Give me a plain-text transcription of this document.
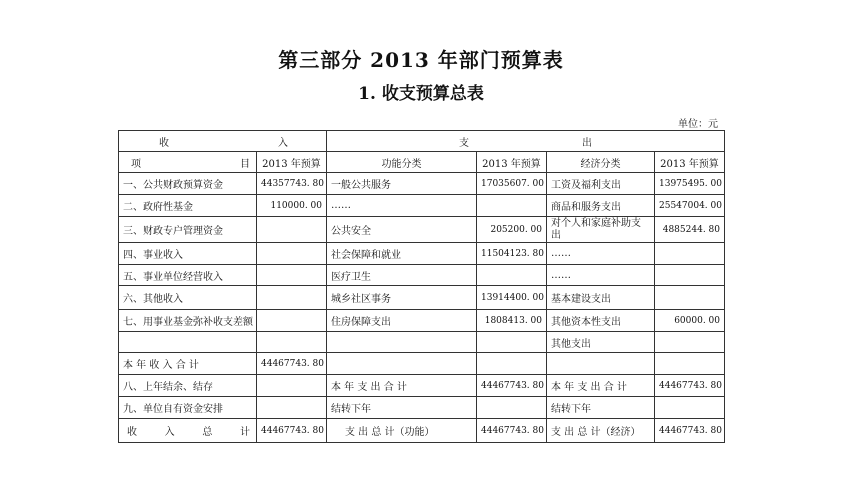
第三部分 2013 年部门预算表
1. 收支预算总表
单位：元
收 入		支 出			

项 目	2013 年预算	功能分类	2013 年预算	经济分类	2013 年预算
一、公共财政预算资金	44357743. 80	一般公共服务	17035607. 00	工资及福利支出	13975495. 00
二、政府性基金	110000. 00	……		商品和服务支出	25547004. 00
三、财政专户管理资金		公共安全	205200. 00	对个人和家庭补助支出	4885244. 80
四、事业收入		社会保障和就业	11504123. 80	……	
五、事业单位经营收入		医疗卫生		……	
六、其他收入		城乡社区事务	13914400. 00	基本建设支出	
七、用事业基金弥补收支差额		住房保障支出	1808413. 00	其他资本性支出	60000. 00
				其他支出	
本 年 收 入 合 计	44467743. 80				
八、上年结余、结存		本 年 支 出 合 计	44467743. 80	本 年 支 出 合 计	44467743. 80
九、单位自有资金安排		结转下年		结转下年	

收 入 总 计	44467743. 80	支 出 总 计（功能）	44467743. 80	支 出 总 计（经济）	44467743. 80
